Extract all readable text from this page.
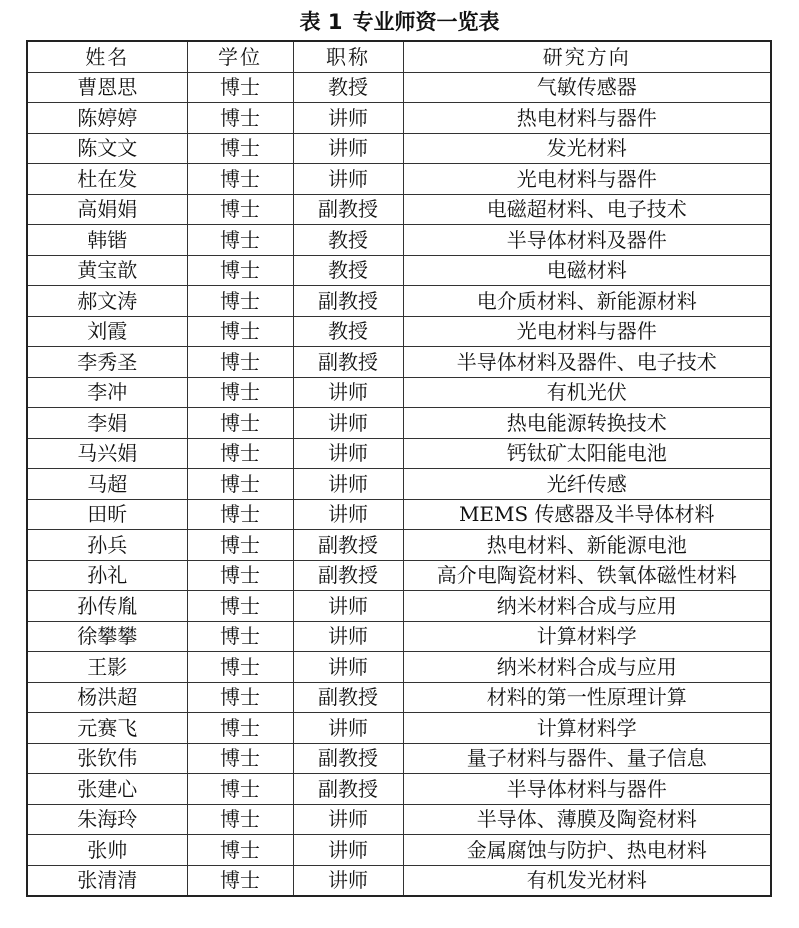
表 1 专业师资一览表
姓名	学位	职称	研究方向
曹恩思	博士	教授	气敏传感器
陈婷婷	博士	讲师	热电材料与器件
陈文文	博士	讲师	发光材料
杜在发	博士	讲师	光电材料与器件
高娟娟	博士	副教授	电磁超材料、电子技术
韩锴	博士	教授	半导体材料及器件
黄宝歆	博士	教授	电磁材料
郝文涛	博士	副教授	电介质材料、新能源材料
刘霞	博士	教授	光电材料与器件
李秀圣	博士	副教授	半导体材料及器件、电子技术
李冲	博士	讲师	有机光伏
李娟	博士	讲师	热电能源转换技术
马兴娟	博士	讲师	钙钛矿太阳能电池
马超	博士	讲师	光纤传感
田昕	博士	讲师	MEMS 传感器及半导体材料
孙兵	博士	副教授	热电材料、新能源电池
孙礼	博士	副教授	高介电陶瓷材料、铁氧体磁性材料
孙传胤	博士	讲师	纳米材料合成与应用
徐攀攀	博士	讲师	计算材料学
王影	博士	讲师	纳米材料合成与应用
杨洪超	博士	副教授	材料的第一性原理计算
元赛飞	博士	讲师	计算材料学
张钦伟	博士	副教授	量子材料与器件、量子信息
张建心	博士	副教授	半导体材料与器件
朱海玲	博士	讲师	半导体、薄膜及陶瓷材料
张帅	博士	讲师	金属腐蚀与防护、热电材料
张清清	博士	讲师	有机发光材料
